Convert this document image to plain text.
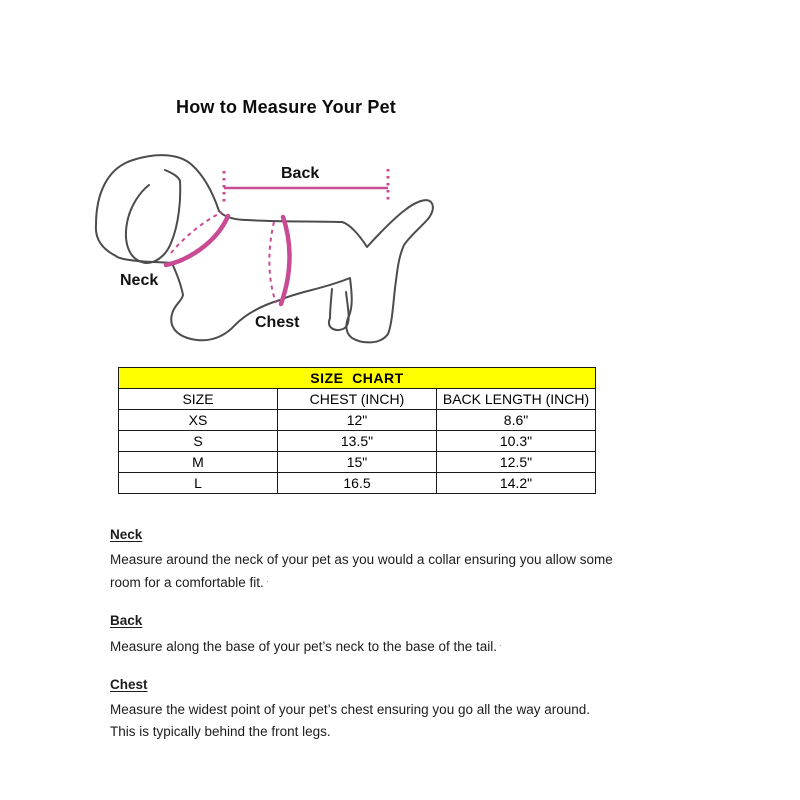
How to Measure Your Pet
Back
Neck
Chest
SIZE  CHART		
SIZE	CHEST (INCH)	BACK LENGTH (INCH)
XS	12"	8.6"
S	13.5"	10.3"
M	15"	12.5"
L	16.5	14.2"
Neck
Measure around the neck of your pet as you would a collar ensuring you allow some
room for a comfortable fit. ·
Back
Measure along the base of your pet’s neck to the base of the tail. ·
Chest
Measure the widest point of your pet’s chest ensuring you go all the way around.
This is typically behind the front legs.
